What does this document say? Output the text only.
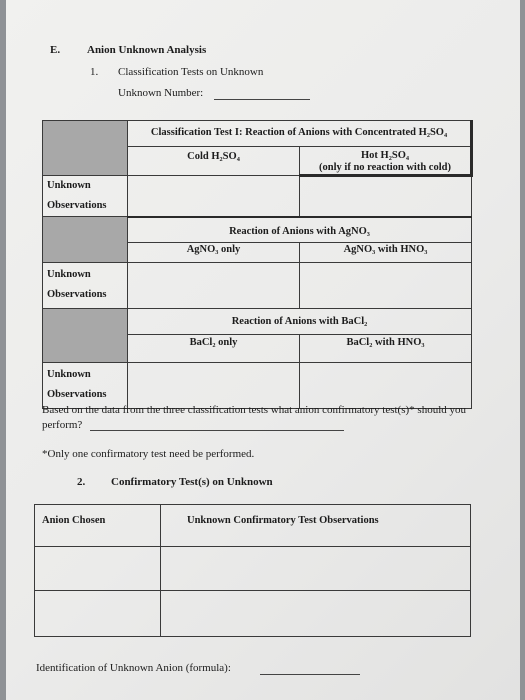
E. Anion Unknown Analysis
1. Classification Tests on Unknown
Unknown Number:
	Classification Test I: Reaction of Anions with Concentrated H₂SO₄	
	Cold H₂SO₄	Hot H₂SO₄
(only if no reaction with cold)

Unknown
Observations		

	Reaction of Anions with AgNO₃	
	AgNO₃ only	AgNO₃ with HNO₃

Unknown
Observations		

	Reaction of Anions with BaCl₂	
	BaCl₂ only	BaCl₂ with HNO₃

Unknown
Observations		

Based on the data from the three classification tests what anion confirmatory test(s)* should you
perform?
*Only one confirmatory test need be performed.
2. Confirmatory Test(s) on Unknown
Anion Chosen	Unknown Confirmatory Test Observations

Identification of Unknown Anion (formula):
